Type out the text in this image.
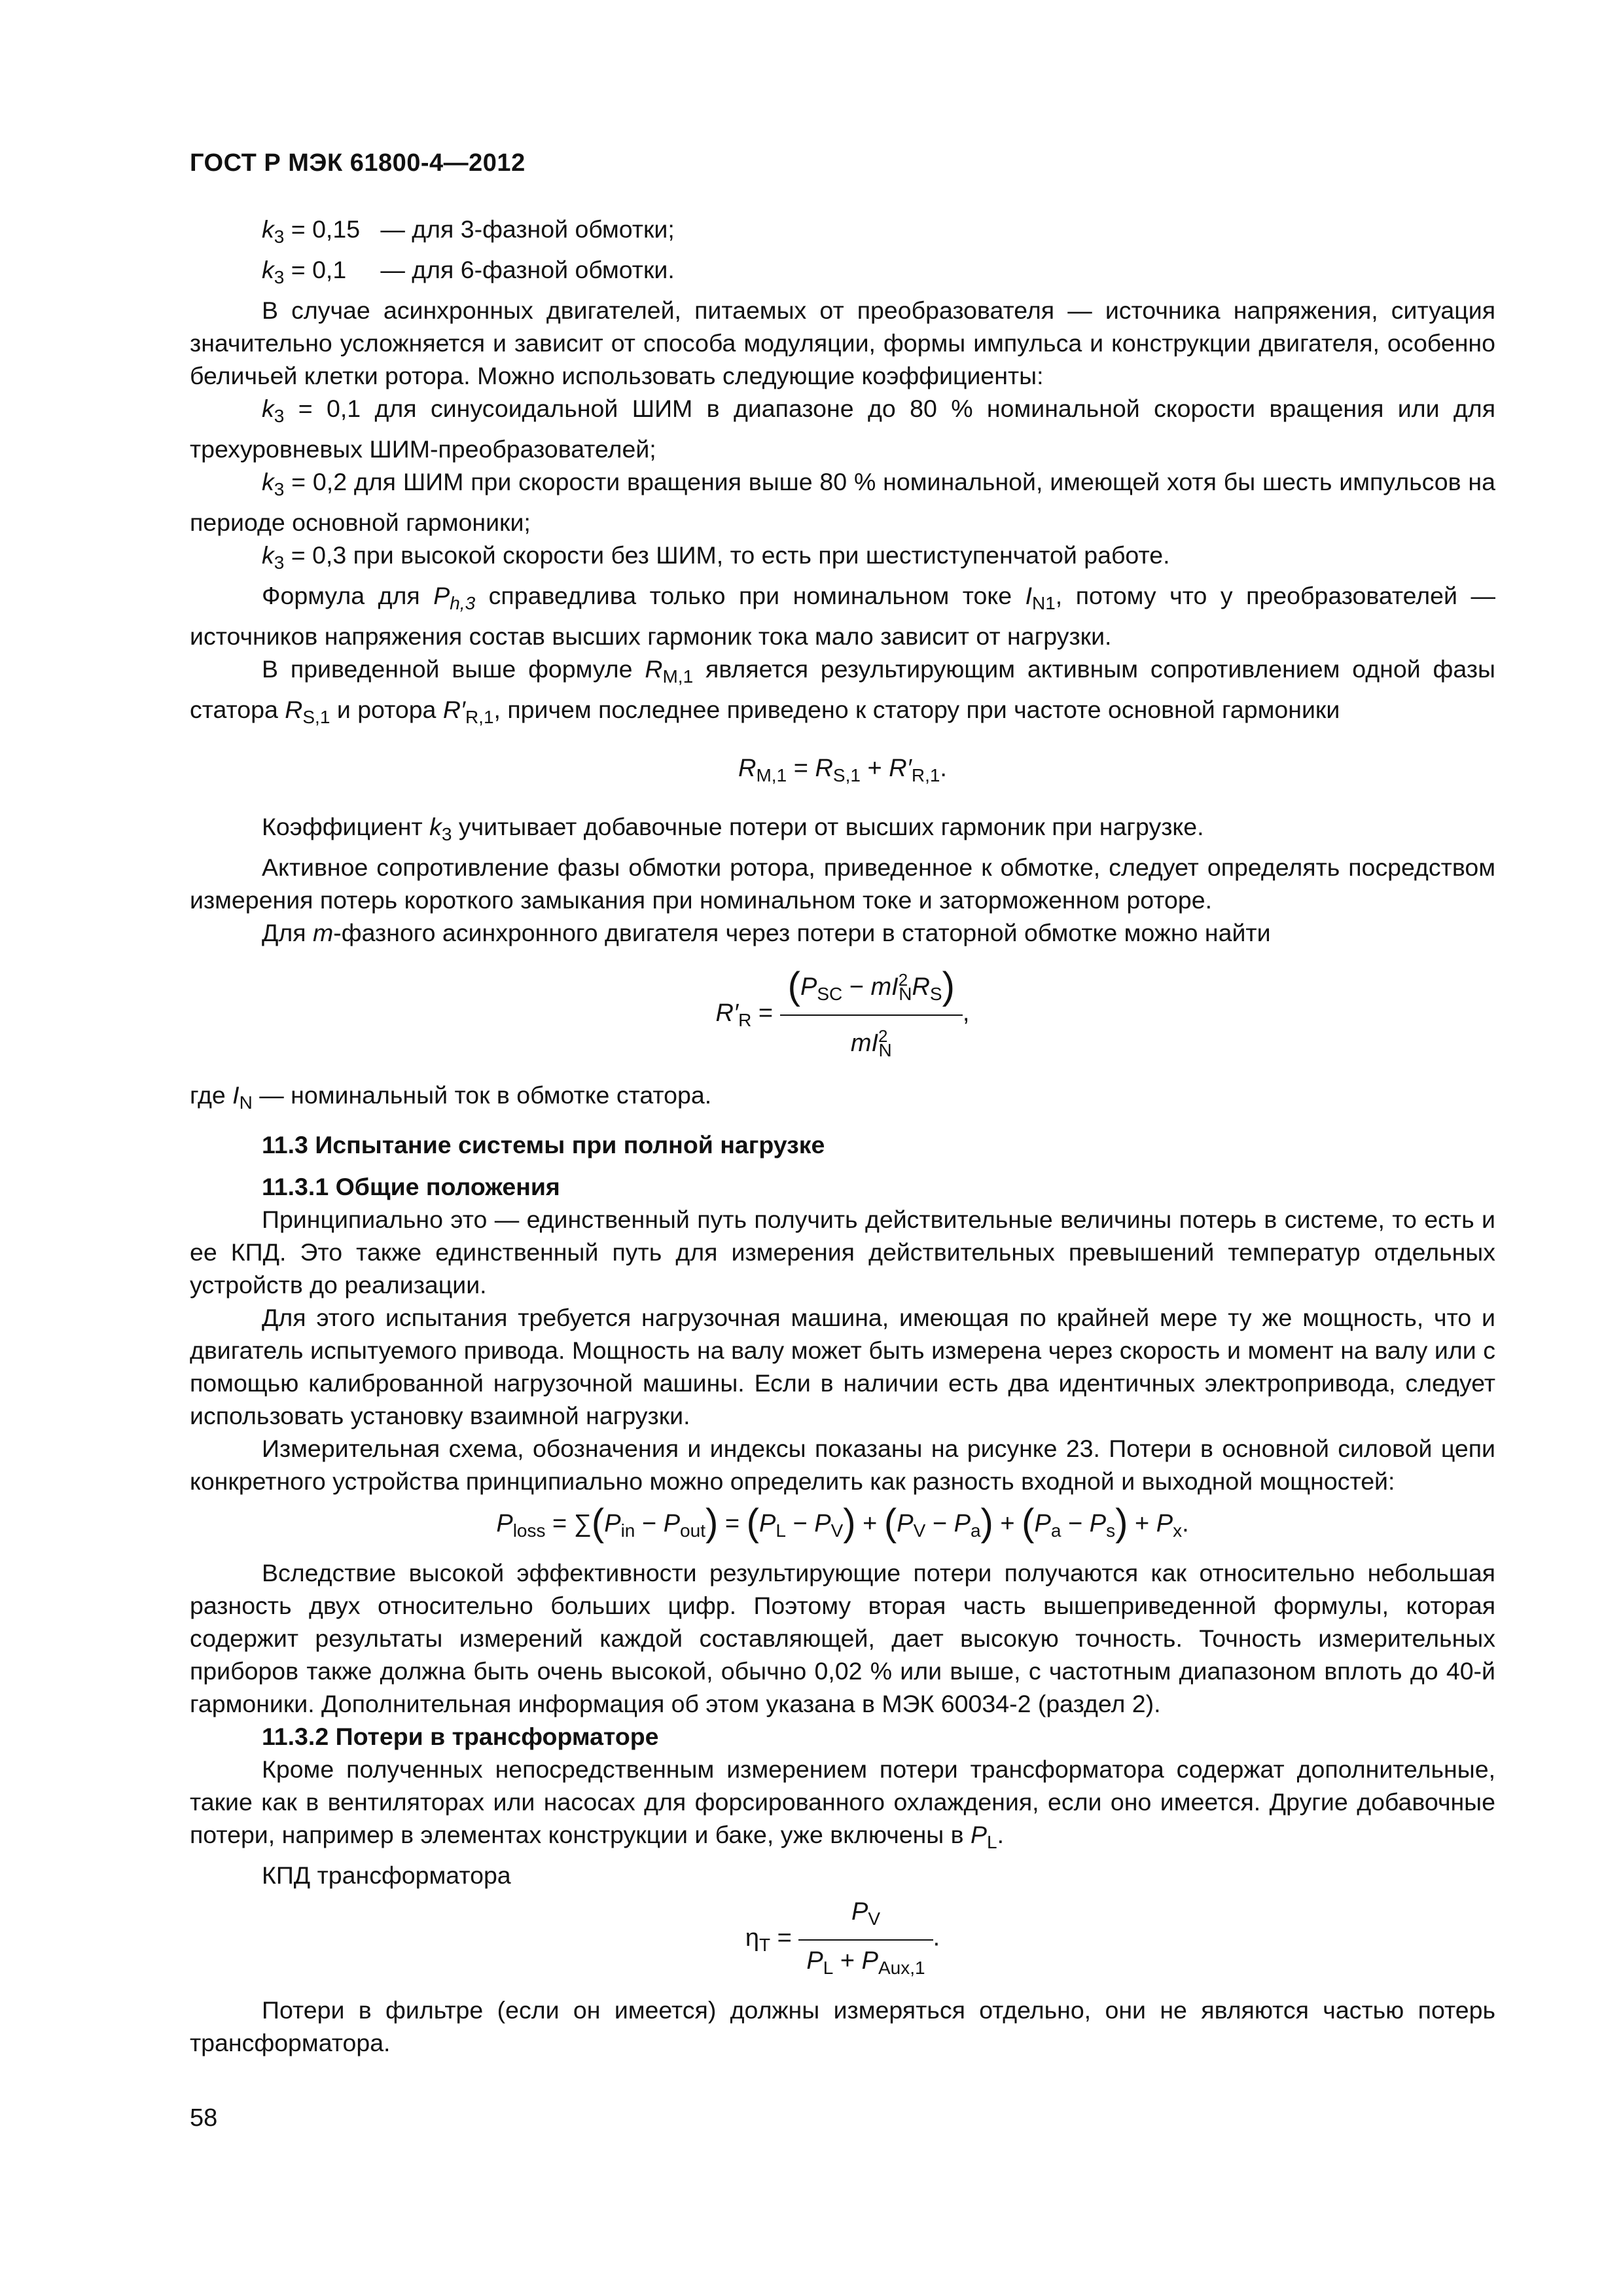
ГОСТ Р МЭК 61800-4—2012

$k_3 = 0,15$   — для 3-фазной обмотки;

$k_3 = 0,1$     — для 6-фазной обмотки.

В случае асинхронных двигателей, питаемых от преобразователя — источника напряжения, ситуация значительно усложняется и зависит от способа модуляции, формы импульса и конструкции двигателя, особенно беличьей клетки ротора. Можно использовать следующие коэффициенты:

$k_3 = 0,1$ для синусоидальной ШИМ в диапазоне до 80 % номинальной скорости вращения или для трехуровневых ШИМ-преобразователей;

$k_3 = 0,2$ для ШИМ при скорости вращения выше 80 % номинальной, имеющей хотя бы шесть импульсов на периоде основной гармоники;

$k_3 = 0,3$ при высокой скорости без ШИМ, то есть при шестиступенчатой работе.

Формула для $P_{h,3}$ справедлива только при номинальном токе $I_{N1}$, потому что у преобразователей — источников напряжения состав высших гармоник тока мало зависит от нагрузки.

В приведенной выше формуле $R_{M,1}$ является результирующим активным сопротивлением одной фазы статора $R_{S,1}$ и ротора $R'_{R,1}$, причем последнее приведено к статору при частоте основной гармоники

$R_{M,1} = R_{S,1} + R'_{R,1}$.

Коэффициент $k_3$ учитывает добавочные потери от высших гармоник при нагрузке.

Активное сопротивление фазы обмотки ротора, приведенное к обмотке, следует определять посредством измерения потерь короткого замыкания при номинальном токе и заторможенном роторе.

Для m-фазного асинхронного двигателя через потери в статорной обмотке можно найти

$R'_R = \frac{(P_{SC} - mI^2_NR_S)}{mI^2_N}$ ,

где $I_N$ — номинальный ток в обмотке статора.

11.3 Испытание системы при полной нагрузке

11.3.1 Общие положения

Принципиально это — единственный путь получить действительные величины потерь в системе, то есть и ее КПД. Это также единственный путь для измерения действительных превышений температур отдельных устройств до реализации.

Для этого испытания требуется нагрузочная машина, имеющая по крайней мере ту же мощность, что и двигатель испытуемого привода. Мощность на валу может быть измерена через скорость и момент на валу или с помощью калиброванной нагрузочной машины. Если в наличии есть два идентичных электропривода, следует использовать установку взаимной нагрузки.

Измерительная схема, обозначения и индексы показаны на рисунке 23. Потери в основной силовой цепи конкретного устройства принципиально можно определить как разность входной и выходной мощностей:

$P_{loss} = \sum(P_{in} - P_{out}) = (P_L - P_V) + (P_V - P_a) + (P_a - P_s) + P_x$.

Вследствие высокой эффективности результирующие потери получаются как относительно небольшая разность двух относительно больших цифр. Поэтому вторая часть вышеприведенной формулы, которая содержит результаты измерений каждой составляющей, дает высокую точность. Точность измерительных приборов также должна быть очень высокой, обычно 0,02 % или выше, с частотным диапазоном вплоть до 40-й гармоники. Дополнительная информация об этом указана в МЭК 60034-2 (раздел 2).

11.3.2 Потери в трансформаторе

Кроме полученных непосредственным измерением потери трансформатора содержат дополнительные, такие как в вентиляторах или насосах для форсированного охлаждения, если оно имеется. Другие добавочные потери, например в элементах конструкции и баке, уже включены в $P_L$.

КПД трансформатора

$\eta_T = \frac{P_V}{P_L + P_{Aux,1}}$ .

Потери в фильтре (если он имеется) должны измеряться отдельно, они не являются частью потерь трансформатора.

58
